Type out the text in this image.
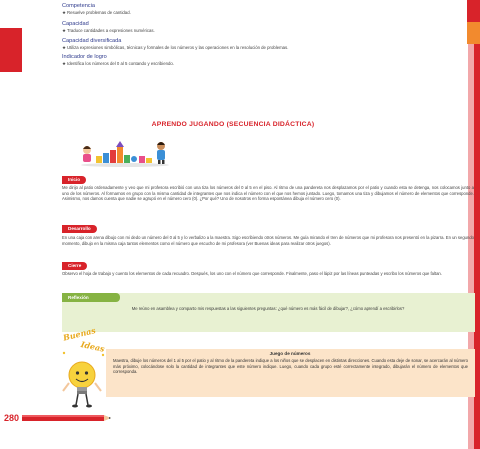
Competencia
★Resuelve problemas de cantidad.
Capacidad
★Traduce cantidades a expresiones numéricas.
Capacidad diversificada
★Utiliza expresiones simbólicas, técnicas y formales de los números y las operaciones en la resolución de problemas.
Indicador de logro
★Identifica los números del 0 al 5 contando y escribiendo.
APRENDO JUGANDO (SECUENCIA DIDÁCTICA)
Inicio
Me dirijo al patio ordenadamente y veo que mi profesora escribió con una tiza los números del 0 al 5 en el piso. Al ritmo de una pandereta nos desplazamos por el patio y cuando esta se detenga, nos colocamos junto a uno de los números. Al formarnos en grupo con la misma cantidad de integrantes que nos indica el número con el que nos hemos juntado. Luego, tomamos una tiza y dibujamos el número de elementos que corresponde. Asimismo, nos damos cuenta que nadie se agrupó en el número cero (0). ¿Por qué? Uno de nosotros en forma espontánea dibuja el número cero (0).
Desarrollo
En una caja con arena dibujo con mi dedo un número del 0 al 5 y lo verbalizo a la maestra. Sigo escribiendo otros números. Me guía mirando el tren de números que mi profesora nos presentó en la pizarra. En un segundo momento, dibujo en la misma caja tantos elementos como el número que escucho de mi profesora (ver Buenas ideas para realizar otros juegos).
Cierre
Observo el hoja de trabajo y cuento los elementos de cada recuadro. Después, los uno con el número que corresponde. Finalmente, paso el lápiz por las líneas punteadas y escribo los números que faltan.
Reflexión
Me reúno en asamblea y comparto mis respuestas a las siguientes preguntas: ¿qué número es más fácil de dibujar?, ¿cómo aprendí a escribirlos?
Buenas
Ideas	Juego de números
Maestra, dibuje los números del 1 al 5 por el patio y al ritmo de la pandereta indique a los niños que se desplacen en distintas direcciones. Cuando esta deje de sonar, se acercarán al número más próximo, colocándose solo la cantidad de integrantes que este número indique. Luego, cuando cada grupo esté correctamente integrado, dibujarán el número de elementos que corresponda.
280
